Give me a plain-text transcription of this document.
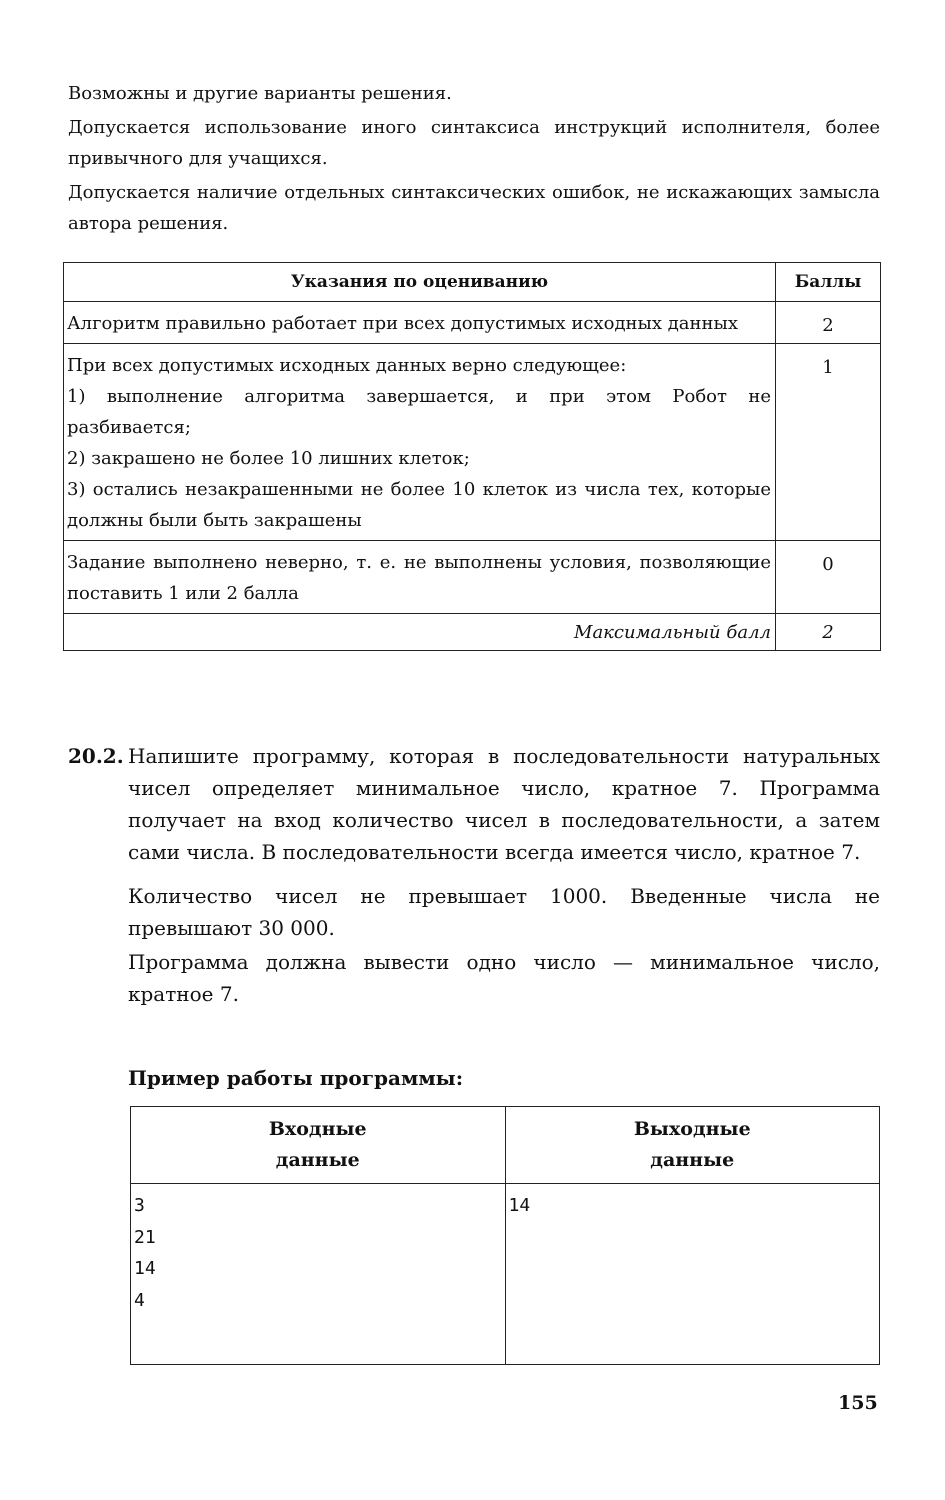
Возможны и другие варианты решения.

Допускается использование иного синтаксиса инструкций исполнителя, более привычного для учащихся.

Допускается наличие отдельных синтаксических ошибок, не искажающих замысла автора решения.

Указания по оцениванию	Баллы

Алгоритм правильно работает при всех допустимых исходных данных	2

При всех допустимых исходных данных верно следующее:
1) выполнение алгоритма завершается, и при этом Робот не разбивается;
2) закрашено не более 10 лишних клеток;
3) остались незакрашенными не более 10 клеток из числа тех, которые должны были быть закрашены	1

Задание выполнено неверно, т. е. не выполнены условия, позволяющие поставить 1 или 2 балла	0
Максимальный балл	2
20.2. Напишите программу, которая в последовательности натуральных чисел определяет минимальное число, кратное 7. Программа получает на вход количество чисел в последовательности, а затем сами числа. В последовательности всегда имеется число, кратное 7.

Количество чисел не превышает 1000. Введенные числа не превышают 30 000.

Программа должна вывести одно число — минимальное число, кратное 7.

Пример работы программы:
Входные
данные	Выходные
данные

3
21
14
4	14
155
